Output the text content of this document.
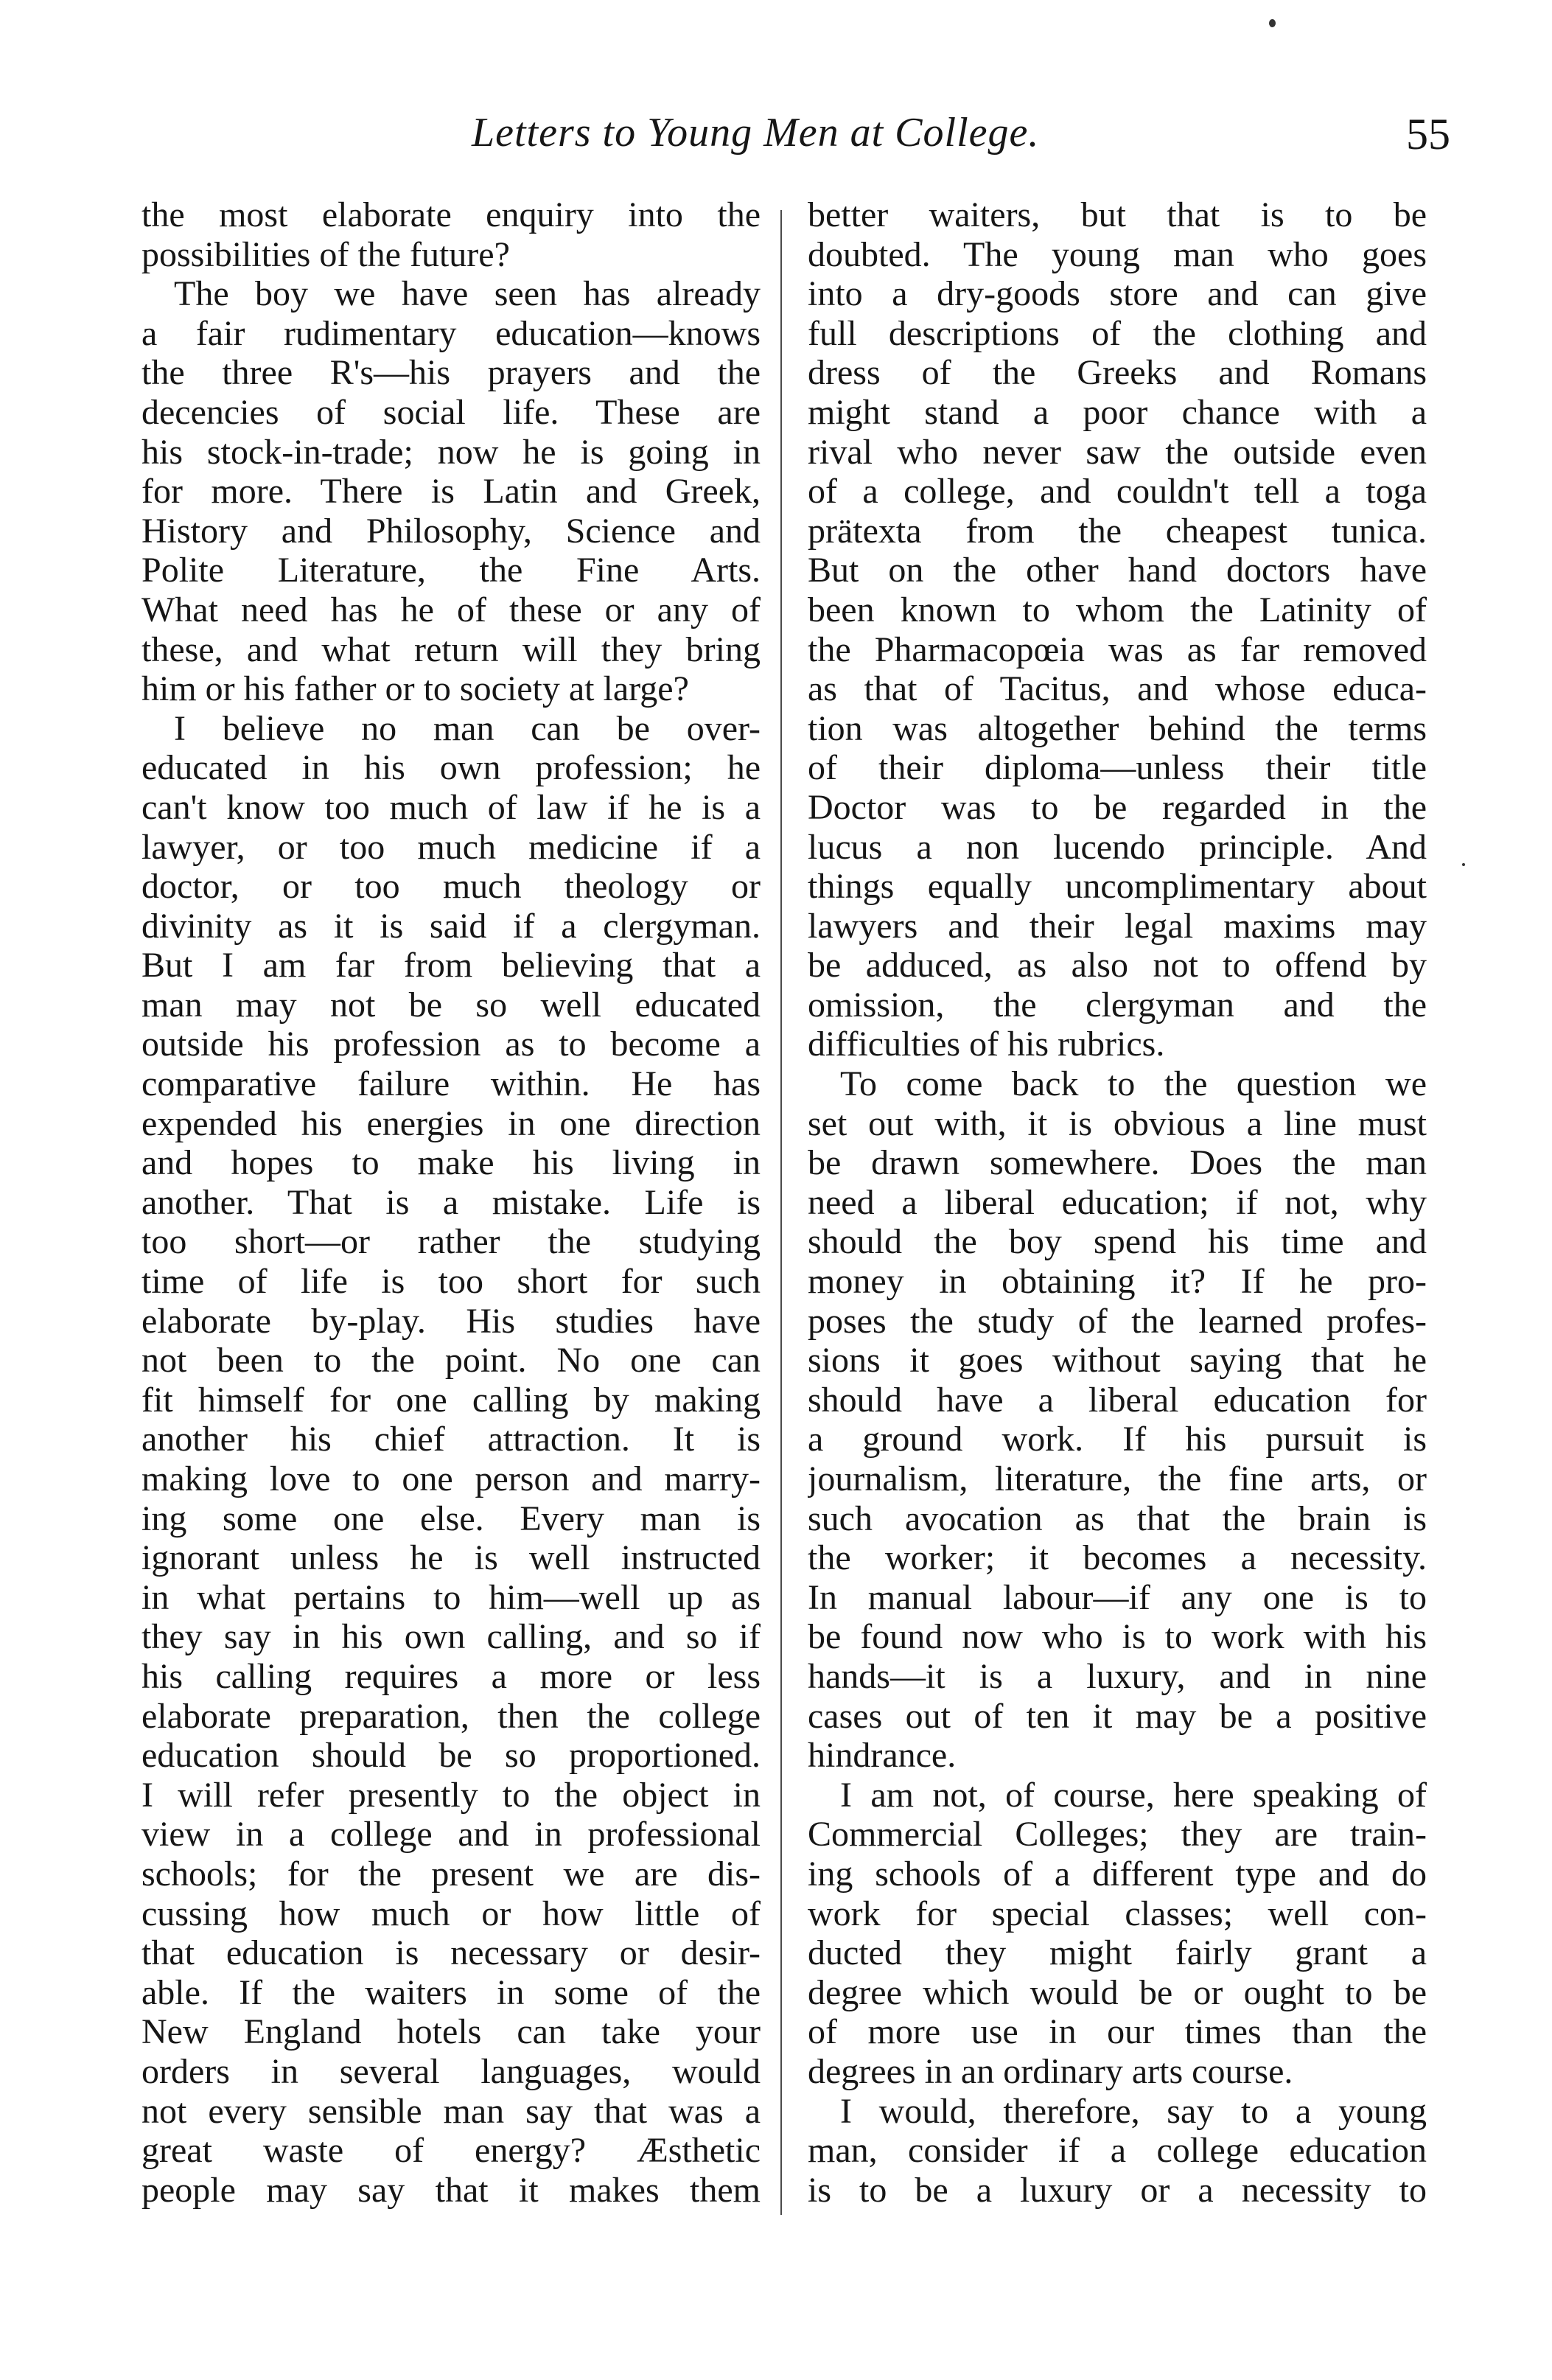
Letters to Young Men at College.	55
the most elaborate enquiry into the
possibilities of the future?
The boy we have seen has already
a fair rudimentary education—knows
the three R's—his prayers and the
decencies of social life. These are
his stock-in-trade; now he is going in
for more. There is Latin and Greek,
History and Philosophy, Science and
Polite Literature, the Fine Arts.
What need has he of these or any of
these, and what return will they bring
him or his father or to society at large?
I believe no man can be over-
educated in his own profession; he
can't know too much of law if he is a
lawyer, or too much medicine if a
doctor, or too much theology or
divinity as it is said if a clergyman.
But I am far from believing that a
man may not be so well educated
outside his profession as to become a
comparative failure within. He has
expended his energies in one direction
and hopes to make his living in
another. That is a mistake. Life is
too short—or rather the studying
time of life is too short for such
elaborate by-play. His studies have
not been to the point. No one can
fit himself for one calling by making
another his chief attraction. It is
making love to one person and marry-
ing some one else. Every man is
ignorant unless he is well instructed
in what pertains to him—well up as
they say in his own calling, and so if
his calling requires a more or less
elaborate preparation, then the college
education should be so proportioned.
I will refer presently to the object in
view in a college and in professional
schools; for the present we are dis-
cussing how much or how little of
that education is necessary or desir-
able. If the waiters in some of the
New England hotels can take your
orders in several languages, would
not every sensible man say that was a
great waste of energy? Æsthetic
people may say that it makes them
better waiters, but that is to be
doubted. The young man who goes
into a dry-goods store and can give
full descriptions of the clothing and
dress of the Greeks and Romans
might stand a poor chance with a
rival who never saw the outside even
of a college, and couldn't tell a toga
prätexta from the cheapest tunica.
But on the other hand doctors have
been known to whom the Latinity of
the Pharmacopœia was as far removed
as that of Tacitus, and whose educa-
tion was altogether behind the terms
of their diploma—unless their title
Doctor was to be regarded in the
lucus a non lucendo principle. And
things equally uncomplimentary about
lawyers and their legal maxims may
be adduced, as also not to offend by
omission, the clergyman and the
difficulties of his rubrics.
To come back to the question we
set out with, it is obvious a line must
be drawn somewhere. Does the man
need a liberal education; if not, why
should the boy spend his time and
money in obtaining it? If he pro-
poses the study of the learned profes-
sions it goes without saying that he
should have a liberal education for
a ground work. If his pursuit is
journalism, literature, the fine arts, or
such avocation as that the brain is
the worker; it becomes a necessity.
In manual labour—if any one is to
be found now who is to work with his
hands—it is a luxury, and in nine
cases out of ten it may be a positive
hindrance.
I am not, of course, here speaking of
Commercial Colleges; they are train-
ing schools of a different type and do
work for special classes; well con-
ducted they might fairly grant a
degree which would be or ought to be
of more use in our times than the
degrees in an ordinary arts course.
I would, therefore, say to a young
man, consider if a college education
is to be a luxury or a necessity to
